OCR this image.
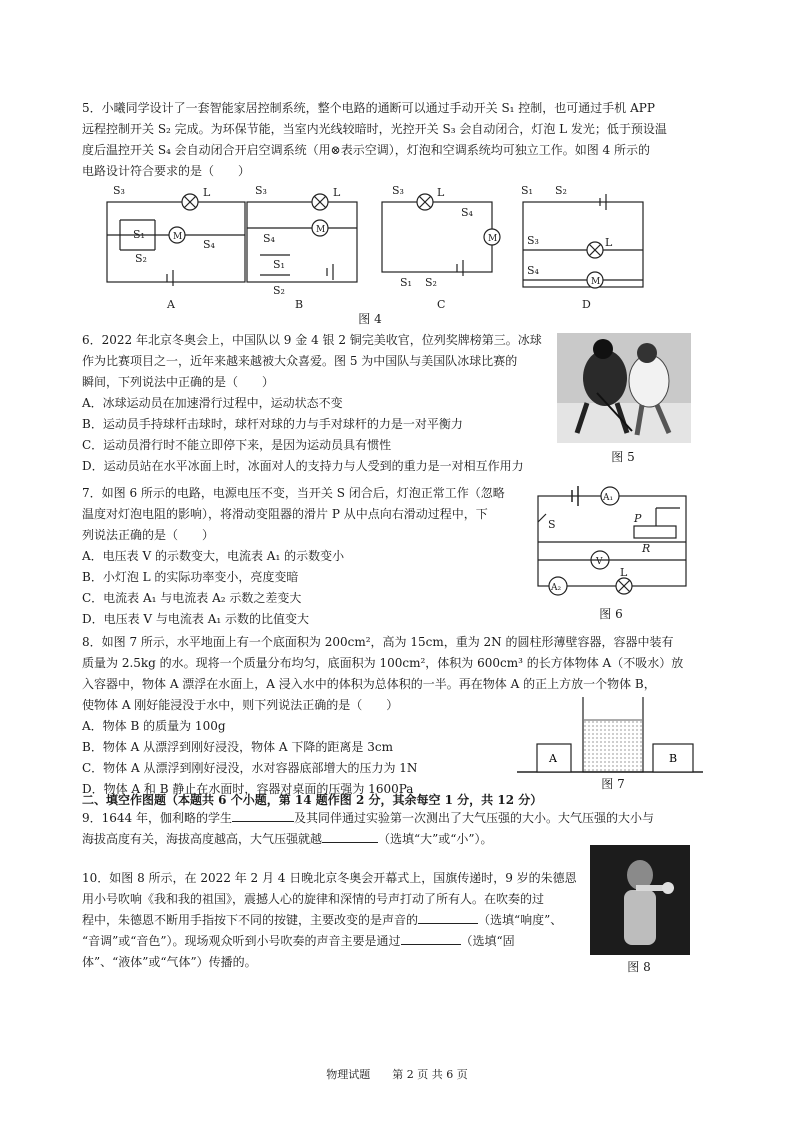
5．小曦同学设计了一套智能家居控制系统，整个电路的通断可以通过手动开关 S₁ 控制，也可通过手机 APP
远程控制开关 S₂ 完成。为环保节能，当室内光线较暗时，光控开关 S₃ 会自动闭合，灯泡 L 发光；低于预设温
度后温控开关 S₄ 会自动闭合开启空调系统（用⊗表示空调），灯泡和空调系统均可独立工作。如图 4 所示的
电路设计符合要求的是（　　）
S₃	L
S₁	M
S₄
S₂
A
S₃	L
S₄
M
S₁
S₂
B
S₃	L
S₄
M
S₁ S₂
C
S₁ S₂
S₃	L
S₄
M
D
图 4
6．2022 年北京冬奥会上，中国队以 9 金 4 银 2 铜完美收官，位列奖牌榜第三。冰球
作为比赛项目之一，近年来越来越被大众喜爱。图 5 为中国队与美国队冰球比赛的
瞬间，下列说法中正确的是（　　）
A．冰球运动员在加速滑行过程中，运动状态不变
B．运动员手持球杆击球时，球杆对球的力与手对球杆的力是一对平衡力
C．运动员滑行时不能立即停下来，是因为运动员具有惯性
D．运动员站在水平冰面上时，冰面对人的支持力与人受到的重力是一对相互作用力
图 5
7．如图 6 所示的电路，电源电压不变，当开关 S 闭合后，灯泡正常工作（忽略
温度对灯泡电阻的影响），将滑动变阻器的滑片 P 从中点向右滑动过程中，下
列说法正确的是（　　）
A．电压表 V 的示数变大，电流表 A₁ 的示数变小
B．小灯泡 L 的实际功率变小，亮度变暗
C．电流表 A₁ 与电流表 A₂ 示数之差变大
D．电压表 V 与电流表 A₁ 示数的比值变大
A₁
S	P
R
V
A₂
L
图 6
8．如图 7 所示，水平地面上有一个底面积为 200cm²，高为 15cm，重为 2N 的圆柱形薄壁容器，容器中装有
质量为 2.5kg 的水。现将一个质量分布均匀，底面积为 100cm²，体积为 600cm³ 的长方体物体 A（不吸水）放
入容器中，物体 A 漂浮在水面上，A 浸入水中的体积为总体积的一半。再在物体 A 的正上方放一个物体 B，
使物体 A 刚好能浸没于水中，则下列说法正确的是（　　）
A．物体 B 的质量为 100g
B．物体 A 从漂浮到刚好浸没，物体 A 下降的距离是 3cm
C．物体 A 从漂浮到刚好浸没，水对容器底部增大的压力为 1N
D．物体 A 和 B 静止在水面时，容器对桌面的压强为 1600Pa
A	B
图 7
二、填空作图题（本题共 6 个小题，第 14 题作图 2 分，其余每空 1 分，共 12 分）
9．1644 年，伽利略的学生	及其同伴通过实验第一次测出了大气压强的大小。大气压强的大小与
海拔高度有关，海拔高度越高，大气压强就越	（选填“大”或“小”）。
10．如图 8 所示，在 2022 年 2 月 4 日晚北京冬奥会开幕式上，国旗传递时，9 岁的朱德恩
用小号吹响《我和我的祖国》，震撼人心的旋律和深情的号声打动了所有人。在吹奏的过
程中，朱德恩不断用手指按下不同的按键，主要改变的是声音的	（选填“响度”、
“音调”或“音色”）。现场观众听到小号吹奏的声音主要是通过	（选填“固
体”、“液体”或“气体”）传播的。	图 8
物理试题　　第 2 页 共 6 页
